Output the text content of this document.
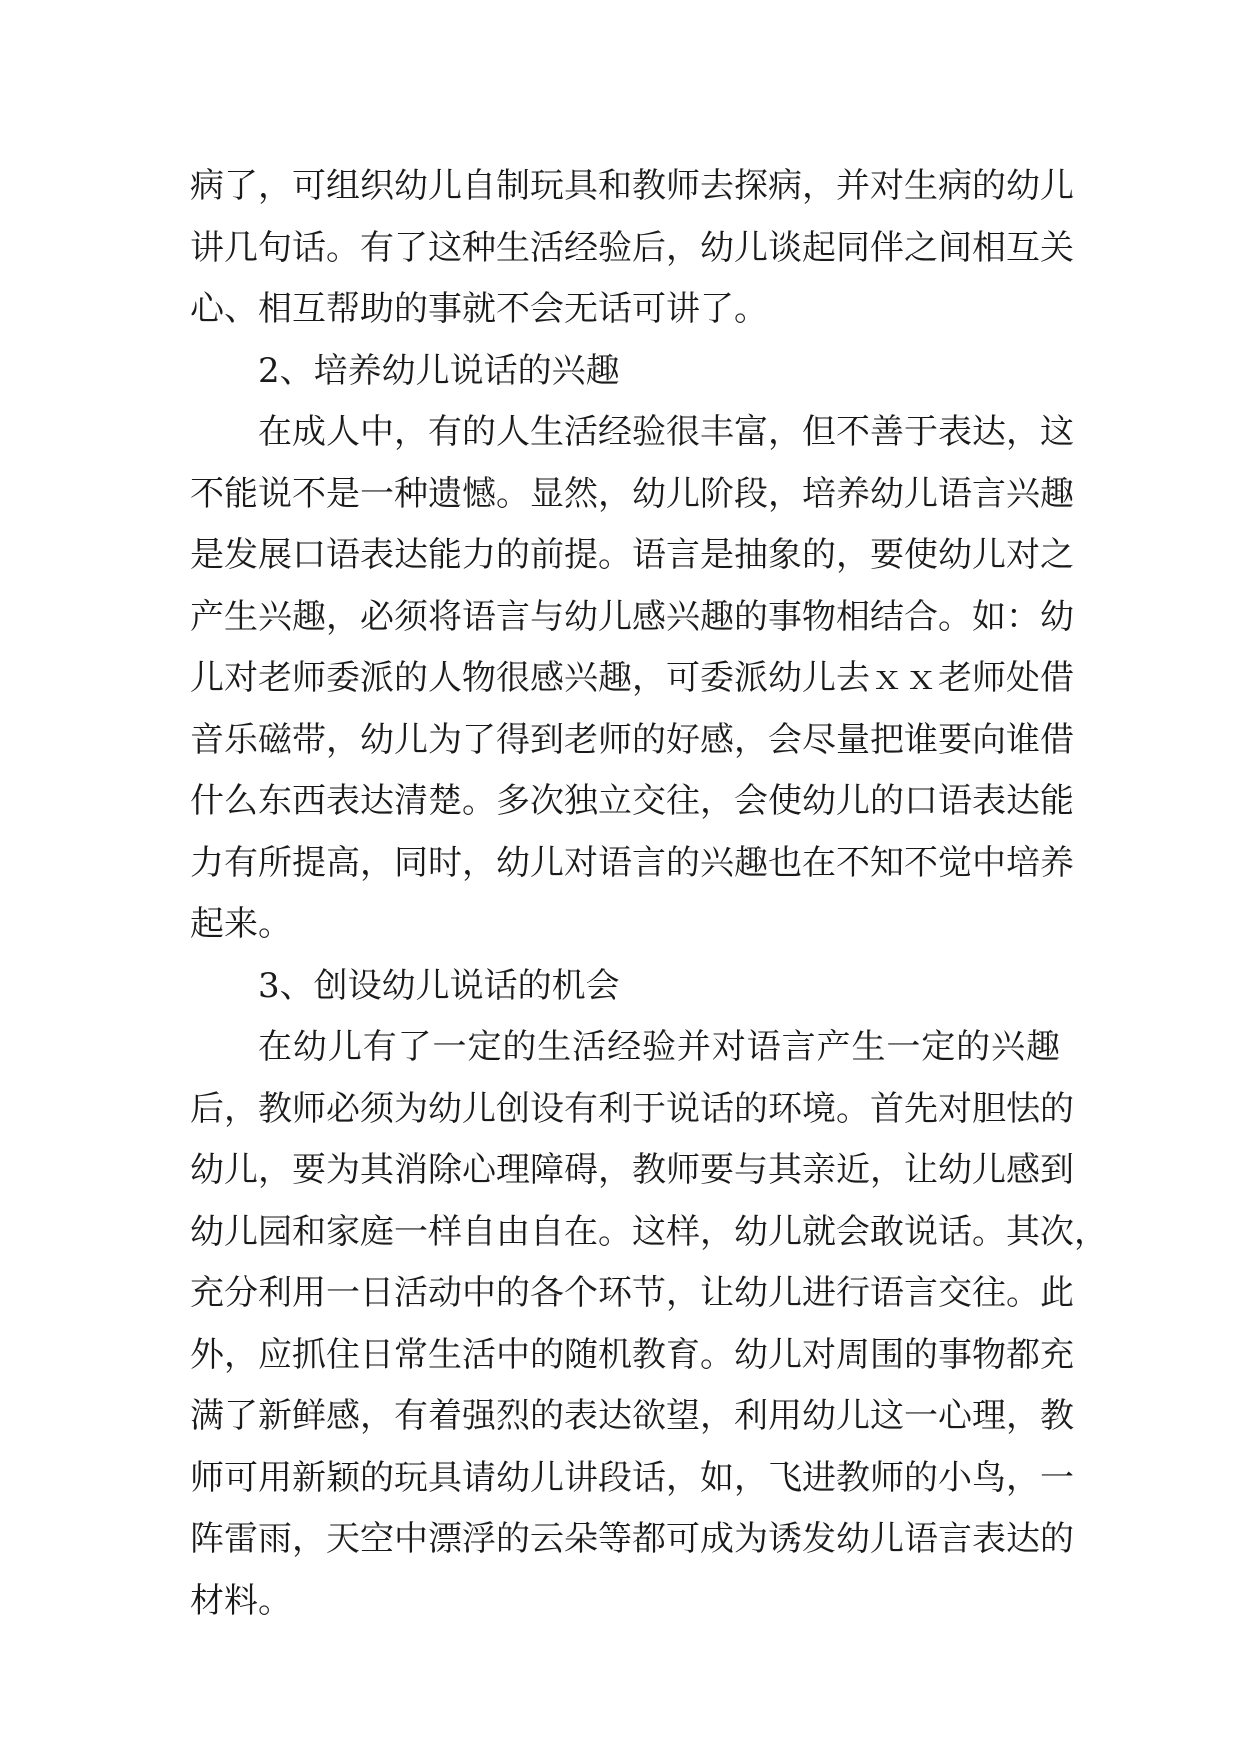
病了，可组织幼儿自制玩具和教师去探病，并对生病的幼儿
讲几句话。有了这种生活经验后，幼儿谈起同伴之间相互关
心、相互帮助的事就不会无话可讲了。
2、培养幼儿说话的兴趣
在成人中，有的人生活经验很丰富，但不善于表达，这
不能说不是一种遗憾。显然，幼儿阶段，培养幼儿语言兴趣
是发展口语表达能力的前提。语言是抽象的，要使幼儿对之
产生兴趣，必须将语言与幼儿感兴趣的事物相结合。如：幼
儿对老师委派的人物很感兴趣，可委派幼儿去ｘｘ老师处借
音乐磁带，幼儿为了得到老师的好感，会尽量把谁要向谁借
什么东西表达清楚。多次独立交往，会使幼儿的口语表达能
力有所提高，同时，幼儿对语言的兴趣也在不知不觉中培养
起来。
3、创设幼儿说话的机会
在幼儿有了一定的生活经验并对语言产生一定的兴趣
后，教师必须为幼儿创设有利于说话的环境。首先对胆怯的
幼儿，要为其消除心理障碍，教师要与其亲近，让幼儿感到
幼儿园和家庭一样自由自在。这样，幼儿就会敢说话。其次，
充分利用一日活动中的各个环节，让幼儿进行语言交往。此
外，应抓住日常生活中的随机教育。幼儿对周围的事物都充
满了新鲜感，有着强烈的表达欲望，利用幼儿这一心理，教
师可用新颖的玩具请幼儿讲段话，如，飞进教师的小鸟，一
阵雷雨，天空中漂浮的云朵等都可成为诱发幼儿语言表达的
材料。
